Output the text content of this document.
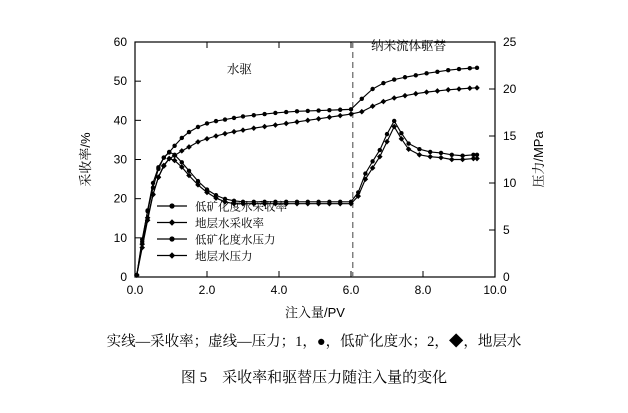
0.0	2.0	4.0	6.0	8.0	10.0
0
10
20
30
40
50
60
0
5
10
15
20
25
采收率/%	压力/MPa
注入量/PV
水驱
纳米流体驱替
低矿化度水采收率
地层水采收率
低矿化度水压力
地层水压力
实线—采收率；虚线—压力；1，●，低矿化度水；2，◆，地层水
图 5　采收率和驱替压力随注入量的变化
